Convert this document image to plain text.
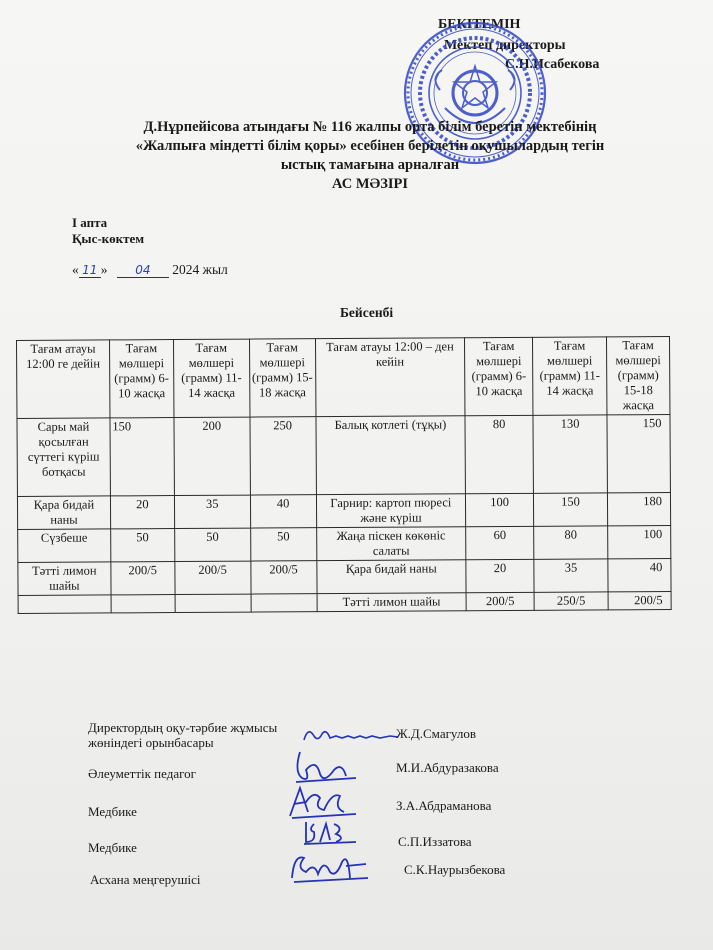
БЕКІТЕМІН
Мектеп директоры
С.Н.Исабекова
Д.Нұрпейісова атындағы № 116 жалпы орта білім беретін мектебінің
«Жалпыға міндетті білім қоры» есебінен берілетін оқушылардың тегін
ыстық тамағына арналған
АС МӘЗІРІ
I апта
Қыс-көктем
« 11 » 04 2024 жыл
Бейсенбі
Тағам атауы 12:00 ге дейін	Тағам мөлшері (грамм) 6-10 жасқа	Тағам мөлшері (грамм) 11-14 жасқа	Тағам мөлшері (грамм) 15-18 жасқа	Тағам атауы 12:00 – ден кейін	Тағам мөлшері (грамм) 6-10 жасқа	Тағам мөлшері (грамм) 11-14 жасқа	Тағам мөлшері (грамм) 15-18 жасқа
Сары май қосылған сүттегі күріш ботқасы	150	200	250	Балық котлеті (тұқы)	80	130	150
Қара бидай наны	20	35	40	Гарнир: картоп пюресі және күріш	100	150	180
Сүзбеше	50	50	50	Жаңа піскен көкөніс салаты	60	80	100
Тәтті лимон шайы	200/5	200/5	200/5	Қара бидай наны	20	35	40
				Тәтті лимон шайы	200/5	250/5	200/5
Директордың оқу-тәрбие жұмысы жөніндегі орынбасары
Ж.Д.Смагулов
Әлеуметтік педагог	М.И.Абдуразакова
Медбике	З.А.Абдраманова
Медбике	С.П.Иззатова
Асхана меңгерушісі
С.К.Наурызбекова
